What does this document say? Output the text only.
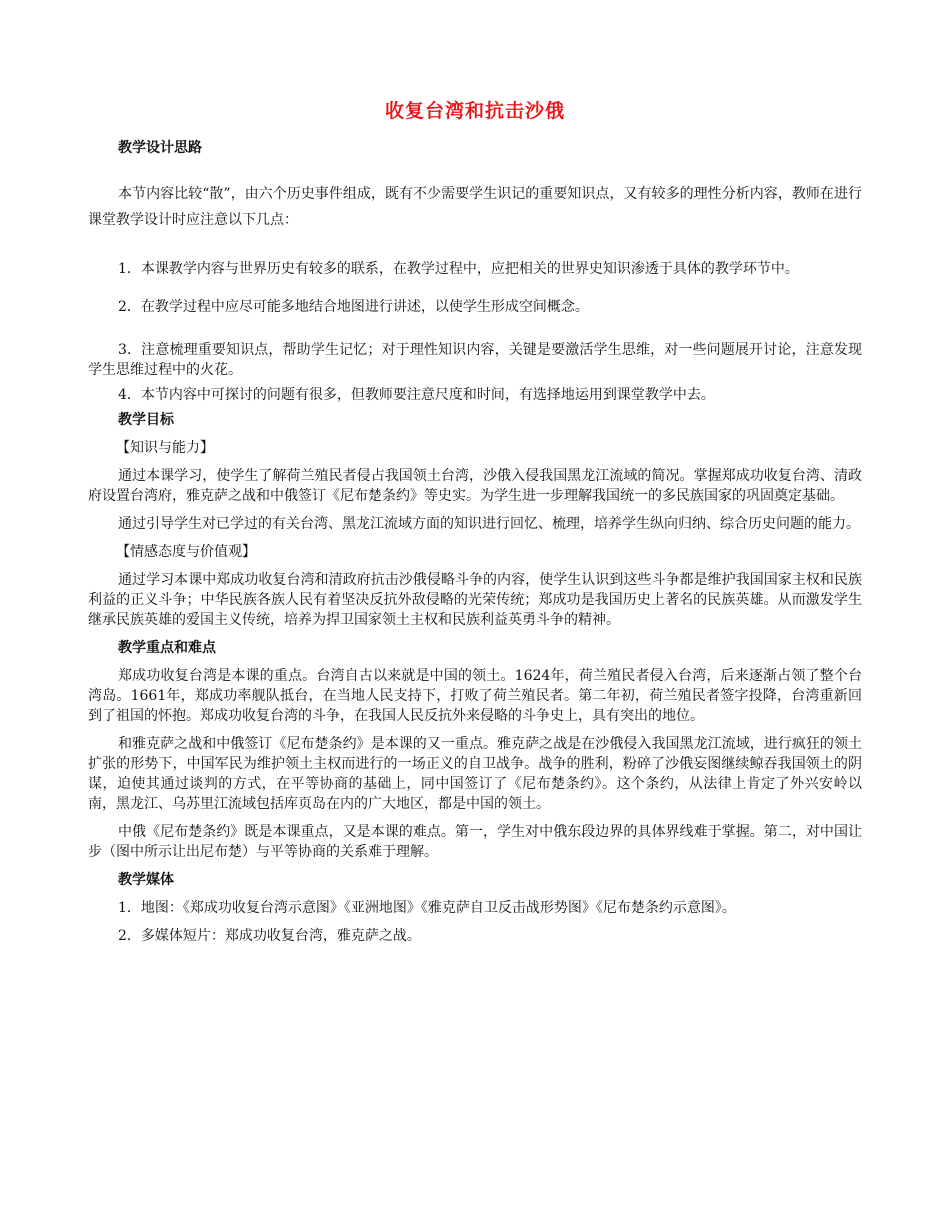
收复台湾和抗击沙俄

教学设计思路

本节内容比较“散”，由六个历史事件组成，既有不少需要学生识记的重要知识点，又有较多的理性分析内容，教师在进行课堂教学设计时应注意以下几点：

1．本课教学内容与世界历史有较多的联系，在教学过程中，应把相关的世界史知识渗透于具体的教学环节中。

2．在教学过程中应尽可能多地结合地图进行讲述，以使学生形成空间概念。

3．注意梳理重要知识点，帮助学生记忆；对于理性知识内容，关键是要激活学生思维，对一些问题展开讨论，注意发现学生思维过程中的火花。

4．本节内容中可探讨的问题有很多，但教师要注意尺度和时间，有选择地运用到课堂教学中去。

教学目标

【知识与能力】

通过本课学习，使学生了解荷兰殖民者侵占我国领土台湾，沙俄入侵我国黑龙江流域的简况。掌握郑成功收复台湾、清政府设置台湾府，雅克萨之战和中俄签订《尼布楚条约》等史实。为学生进一步理解我国统一的多民族国家的巩固奠定基础。

通过引导学生对已学过的有关台湾、黑龙江流域方面的知识进行回忆、梳理，培养学生纵向归纳、综合历史问题的能力。

【情感态度与价值观】

通过学习本课中郑成功收复台湾和清政府抗击沙俄侵略斗争的内容，使学生认识到这些斗争都是维护我国国家主权和民族利益的正义斗争；中华民族各族人民有着坚决反抗外敌侵略的光荣传统；郑成功是我国历史上著名的民族英雄。从而激发学生继承民族英雄的爱国主义传统，培养为捍卫国家领土主权和民族利益英勇斗争的精神。

教学重点和难点

郑成功收复台湾是本课的重点。台湾自古以来就是中国的领土。1624年，荷兰殖民者侵入台湾，后来逐渐占领了整个台湾岛。1661年，郑成功率舰队抵台，在当地人民支持下，打败了荷兰殖民者。第二年初，荷兰殖民者签字投降，台湾重新回到了祖国的怀抱。郑成功收复台湾的斗争，在我国人民反抗外来侵略的斗争史上，具有突出的地位。

和雅克萨之战和中俄签订《尼布楚条约》是本课的又一重点。雅克萨之战是在沙俄侵入我国黑龙江流域，进行疯狂的领土扩张的形势下，中国军民为维护领土主权而进行的一场正义的自卫战争。战争的胜利，粉碎了沙俄妄图继续鲸吞我国领土的阴谋，迫使其通过谈判的方式，在平等协商的基础上，同中国签订了《尼布楚条约》。这个条约，从法律上肯定了外兴安岭以南，黑龙江、乌苏里江流域包括库页岛在内的广大地区，都是中国的领土。

中俄《尼布楚条约》既是本课重点，又是本课的难点。第一，学生对中俄东段边界的具体界线难于掌握。第二，对中国让步（图中所示让出尼布楚）与平等协商的关系难于理解。

教学媒体

1．地图：《郑成功收复台湾示意图》《亚洲地图》《雅克萨自卫反击战形势图》《尼布楚条约示意图》。

2．多媒体短片：郑成功收复台湾，雅克萨之战。
